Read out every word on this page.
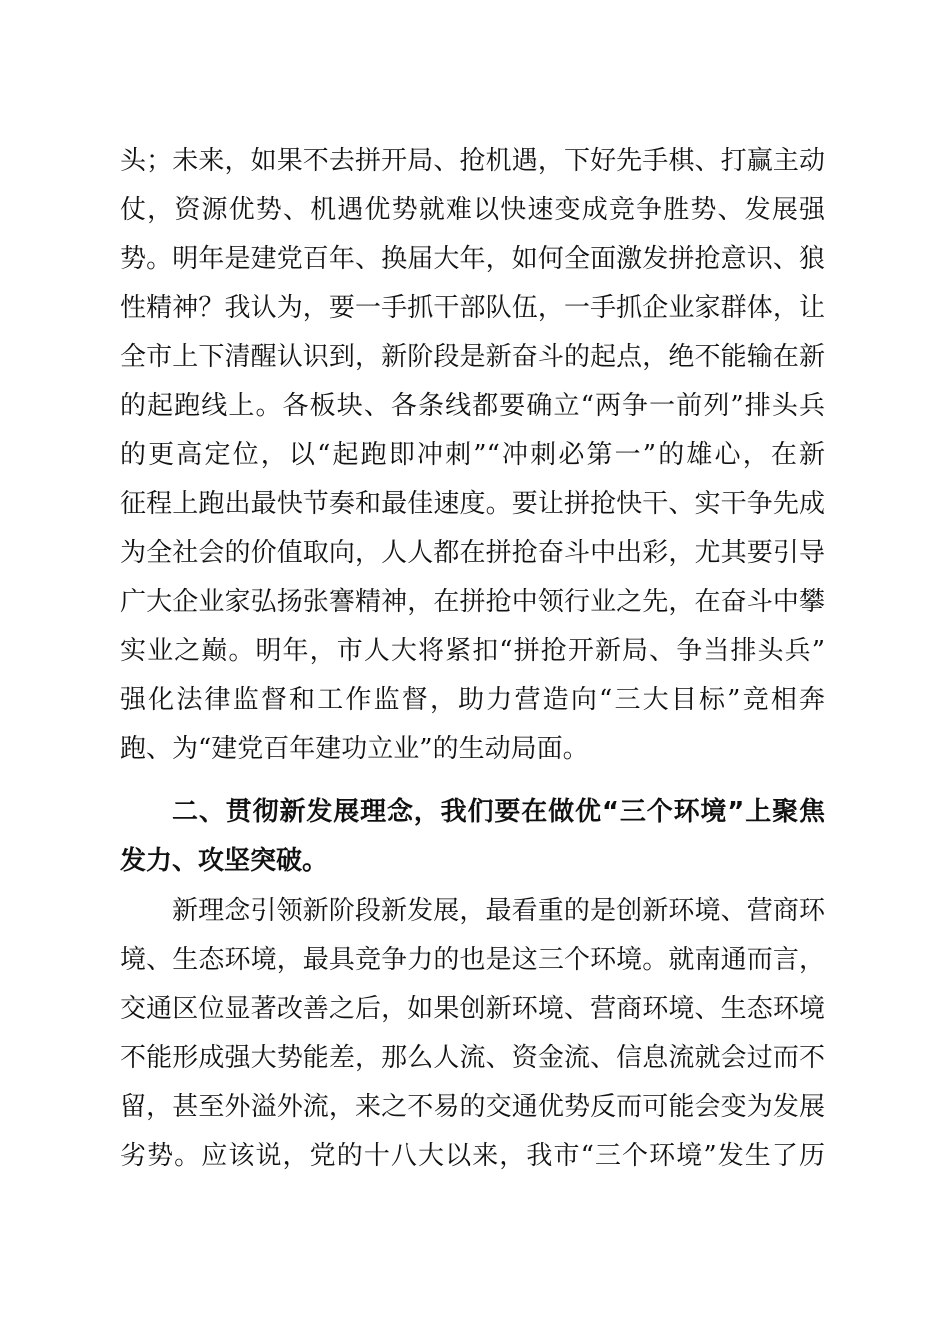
头；未来，如果不去拼开局、抢机遇，下好先手棋、打赢主动
仗，资源优势、机遇优势就难以快速变成竞争胜势、发展强
势。明年是建党百年、换届大年，如何全面激发拼抢意识、狼
性精神？我认为，要一手抓干部队伍，一手抓企业家群体，让
全市上下清醒认识到，新阶段是新奋斗的起点，绝不能输在新
的起跑线上。各板块、各条线都要确立“两争一前列”排头兵
的更高定位，以“起跑即冲刺”“冲刺必第一”的雄心，在新
征程上跑出最快节奏和最佳速度。要让拼抢快干、实干争先成
为全社会的价值取向，人人都在拼抢奋斗中出彩，尤其要引导
广大企业家弘扬张謇精神，在拼抢中领行业之先，在奋斗中攀
实业之巅。明年，市人大将紧扣“拼抢开新局、争当排头兵”
强化法律监督和工作监督，助力营造向“三大目标”竞相奔
跑、为“建党百年建功立业”的生动局面。
二、贯彻新发展理念，我们要在做优“三个环境”上聚焦
发力、攻坚突破。
新理念引领新阶段新发展，最看重的是创新环境、营商环
境、生态环境，最具竞争力的也是这三个环境。就南通而言，
交通区位显著改善之后，如果创新环境、营商环境、生态环境
不能形成强大势能差，那么人流、资金流、信息流就会过而不
留，甚至外溢外流，来之不易的交通优势反而可能会变为发展
劣势。应该说，党的十八大以来，我市“三个环境”发生了历
